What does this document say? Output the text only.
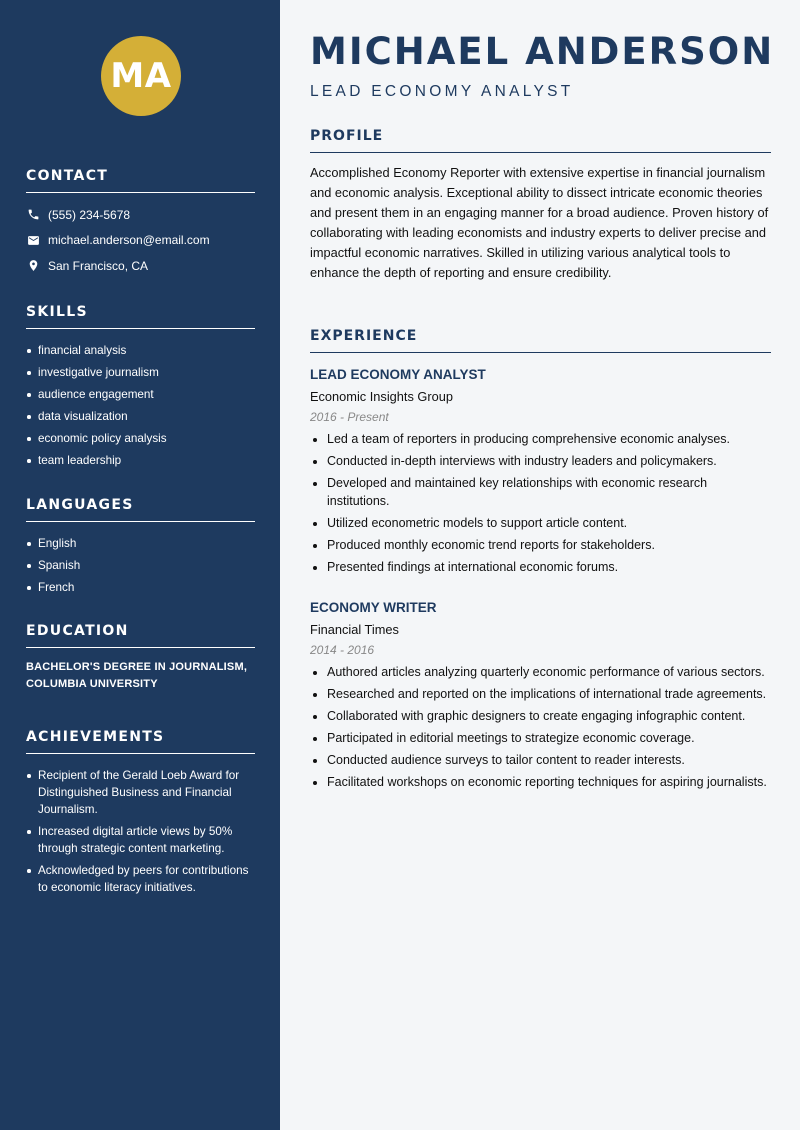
MA
CONTACT
(555) 234-5678
michael.anderson@email.com
San Francisco, CA
SKILLS
financial analysis
investigative journalism
audience engagement
data visualization
economic policy analysis
team leadership
LANGUAGES
English
Spanish
French
EDUCATION
BACHELOR'S DEGREE IN JOURNALISM, COLUMBIA UNIVERSITY
ACHIEVEMENTS
Recipient of the Gerald Loeb Award for Distinguished Business and Financial Journalism.
Increased digital article views by 50% through strategic content marketing.
Acknowledged by peers for contributions to economic literacy initiatives.
MICHAEL ANDERSON
LEAD ECONOMY ANALYST
PROFILE

Accomplished Economy Reporter with extensive expertise in financial journalism and economic analysis. Exceptional ability to dissect intricate economic theories and present them in an engaging manner for a broad audience. Proven history of collaborating with leading economists and industry experts to deliver precise and impactful economic narratives. Skilled in utilizing various analytical tools to enhance the depth of reporting and ensure credibility.

EXPERIENCE
LEAD ECONOMY ANALYST
Economic Insights Group
2016 - Present
Led a team of reporters in producing comprehensive economic analyses.
Conducted in-depth interviews with industry leaders and policymakers.
Developed and maintained key relationships with economic research institutions.
Utilized econometric models to support article content.
Produced monthly economic trend reports for stakeholders.
Presented findings at international economic forums.
ECONOMY WRITER
Financial Times
2014 - 2016
Authored articles analyzing quarterly economic performance of various sectors.
Researched and reported on the implications of international trade agreements.
Collaborated with graphic designers to create engaging infographic content.
Participated in editorial meetings to strategize economic coverage.
Conducted audience surveys to tailor content to reader interests.
Facilitated workshops on economic reporting techniques for aspiring journalists.
